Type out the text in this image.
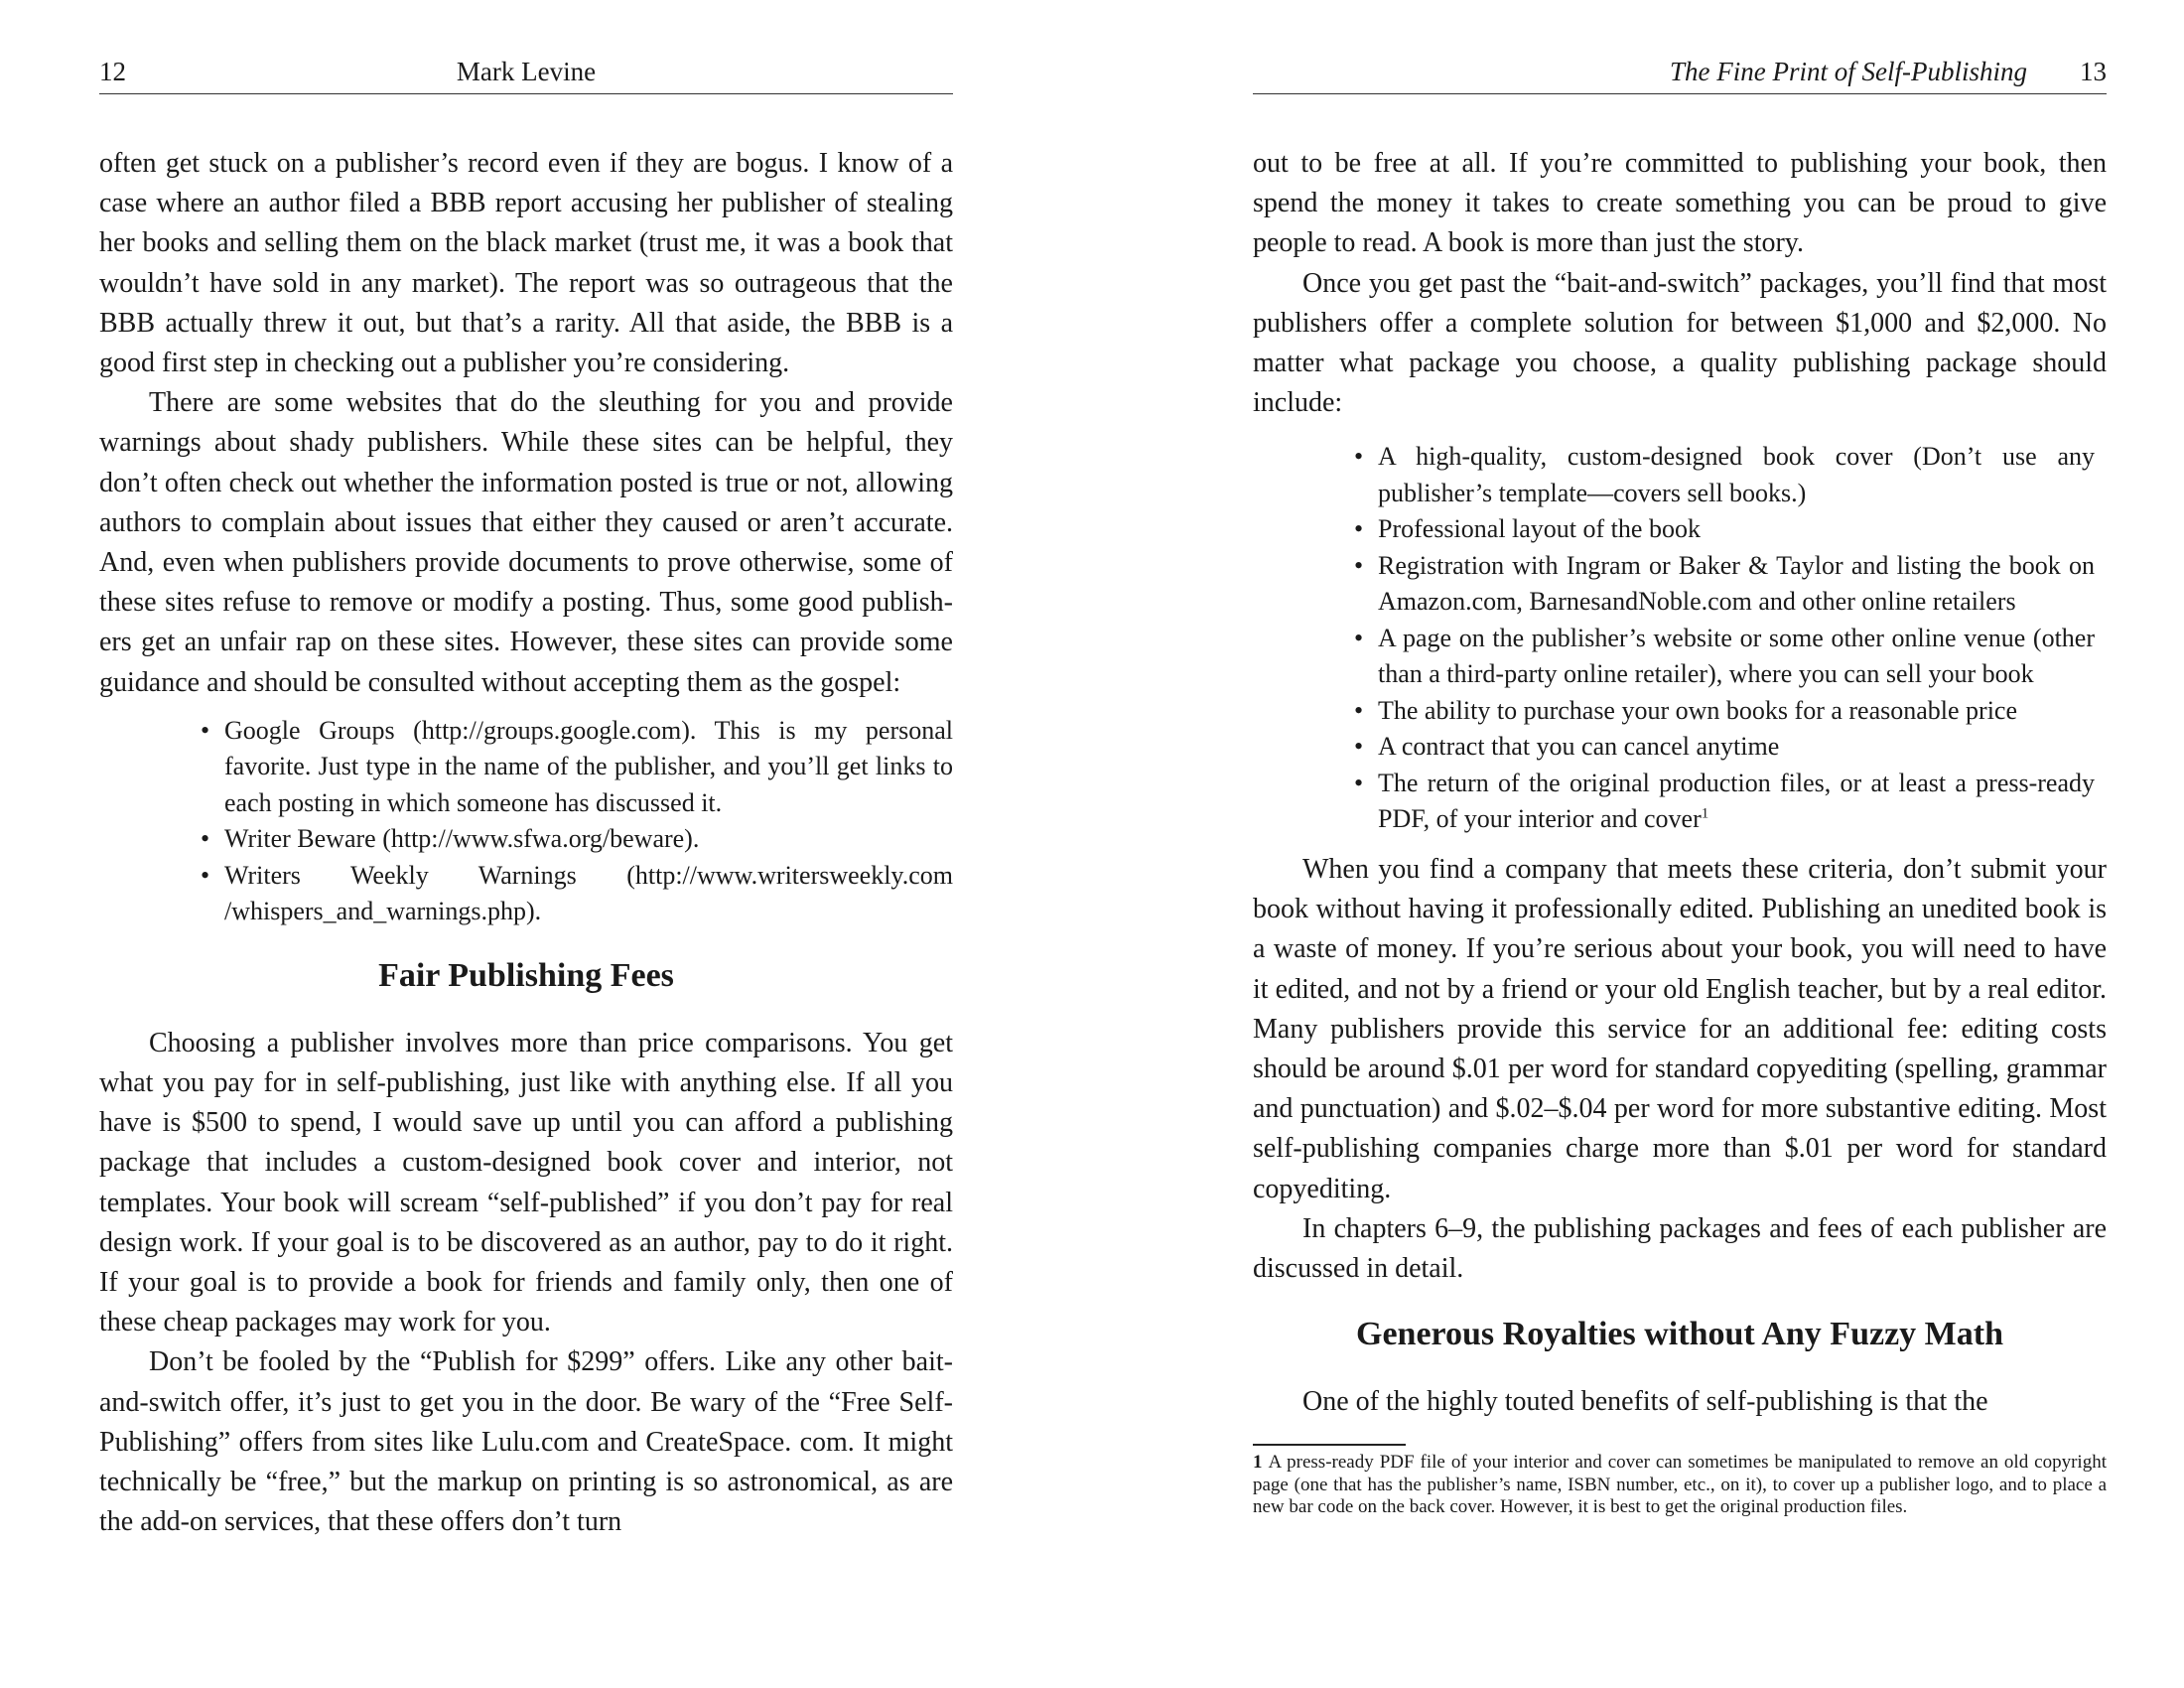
12	Mark Levine

often get stuck on a publisher’s record even if they are bogus. I know of a case where an author filed a BBB report accusing her publisher of stealing her books and selling them on the black market (trust me, it was a book that wouldn’t have sold in any market). The report was so outrageous that the BBB actually threw it out, but that’s a rarity. All that aside, the BBB is a good first step in checking out a publisher you’re considering.

There are some websites that do the sleuthing for you and provide warnings about shady publishers. While these sites can be helpful, they don’t often check out whether the information posted is true or not, allowing authors to complain about issues that either they caused or aren’t accurate. And, even when publishers provide documents to prove otherwise, some of these sites refuse to remove or modify a posting. Thus, some good publishers get an unfair rap on these sites. However, these sites can provide some guidance and should be consulted without accepting them as the gospel:

• Google Groups (http://groups.google.com). This is my personal favorite. Just type in the name of the publisher, and you’ll get links to each posting in which someone has discussed it.
• Writer Beware (http://www.sfwa.org/beware).
• Writers Weekly Warnings (http://www.writersweekly.com /whispers_and_warnings.php).
Fair Publishing Fees

Choosing a publisher involves more than price comparisons. You get what you pay for in self-publishing, just like with anything else. If all you have is $500 to spend, I would save up until you can afford a publishing package that includes a custom-designed book cover and interior, not templates. Your book will scream “self-published” if you don’t pay for real design work. If your goal is to be discovered as an author, pay to do it right. If your goal is to provide a book for friends and family only, then one of these cheap packages may work for you.

Don’t be fooled by the “Publish for $299” offers. Like any other bait-and-switch offer, it’s just to get you in the door. Be wary of the “Free Self-Publishing” offers from sites like Lulu.com and CreateSpace. com. It might technically be “free,” but the markup on printing is so astronomical, as are the add-on services, that these offers don’t turn

The Fine Print of Self-Publishing 13

out to be free at all. If you’re committed to publishing your book, then spend the money it takes to create something you can be proud to give people to read. A book is more than just the story.

Once you get past the “bait-and-switch” packages, you’ll find that most publishers offer a complete solution for between $1,000 and $2,000. No matter what package you choose, a quality publishing package should include:

• A high-quality, custom-designed book cover (Don’t use any publisher’s template—covers sell books.)
• Professional layout of the book
• Registration with Ingram or Baker & Taylor and listing the book on Amazon.com, BarnesandNoble.com and other online retailers
• A page on the publisher’s website or some other online venue (other than a third-party online retailer), where you can sell your book
• The ability to purchase your own books for a reasonable price
• A contract that you can cancel anytime
• The return of the original production files, or at least a press-ready PDF, of your interior and cover$^1$

When you find a company that meets these criteria, don’t submit your book without having it professionally edited. Publishing an unedited book is a waste of money. If you’re serious about your book, you will need to have it edited, and not by a friend or your old English teacher, but by a real editor. Many publishers provide this service for an additional fee: editing costs should be around $.01 per word for standard copyediting (spelling, grammar and punctuation) and $.02–$.04 per word for more substantive editing. Most self-publishing companies charge more than $.01 per word for standard copyediting.

In chapters 6–9, the publishing packages and fees of each publisher are discussed in detail.

Generous Royalties without Any Fuzzy Math

One of the highly touted benefits of self-publishing is that the

1 A press-ready PDF file of your interior and cover can sometimes be manipulated to remove an old copyright page (one that has the publisher’s name, ISBN number, etc., on it), to cover up a publisher logo, and to place a new bar code on the back cover. However, it is best to get the original production files.
